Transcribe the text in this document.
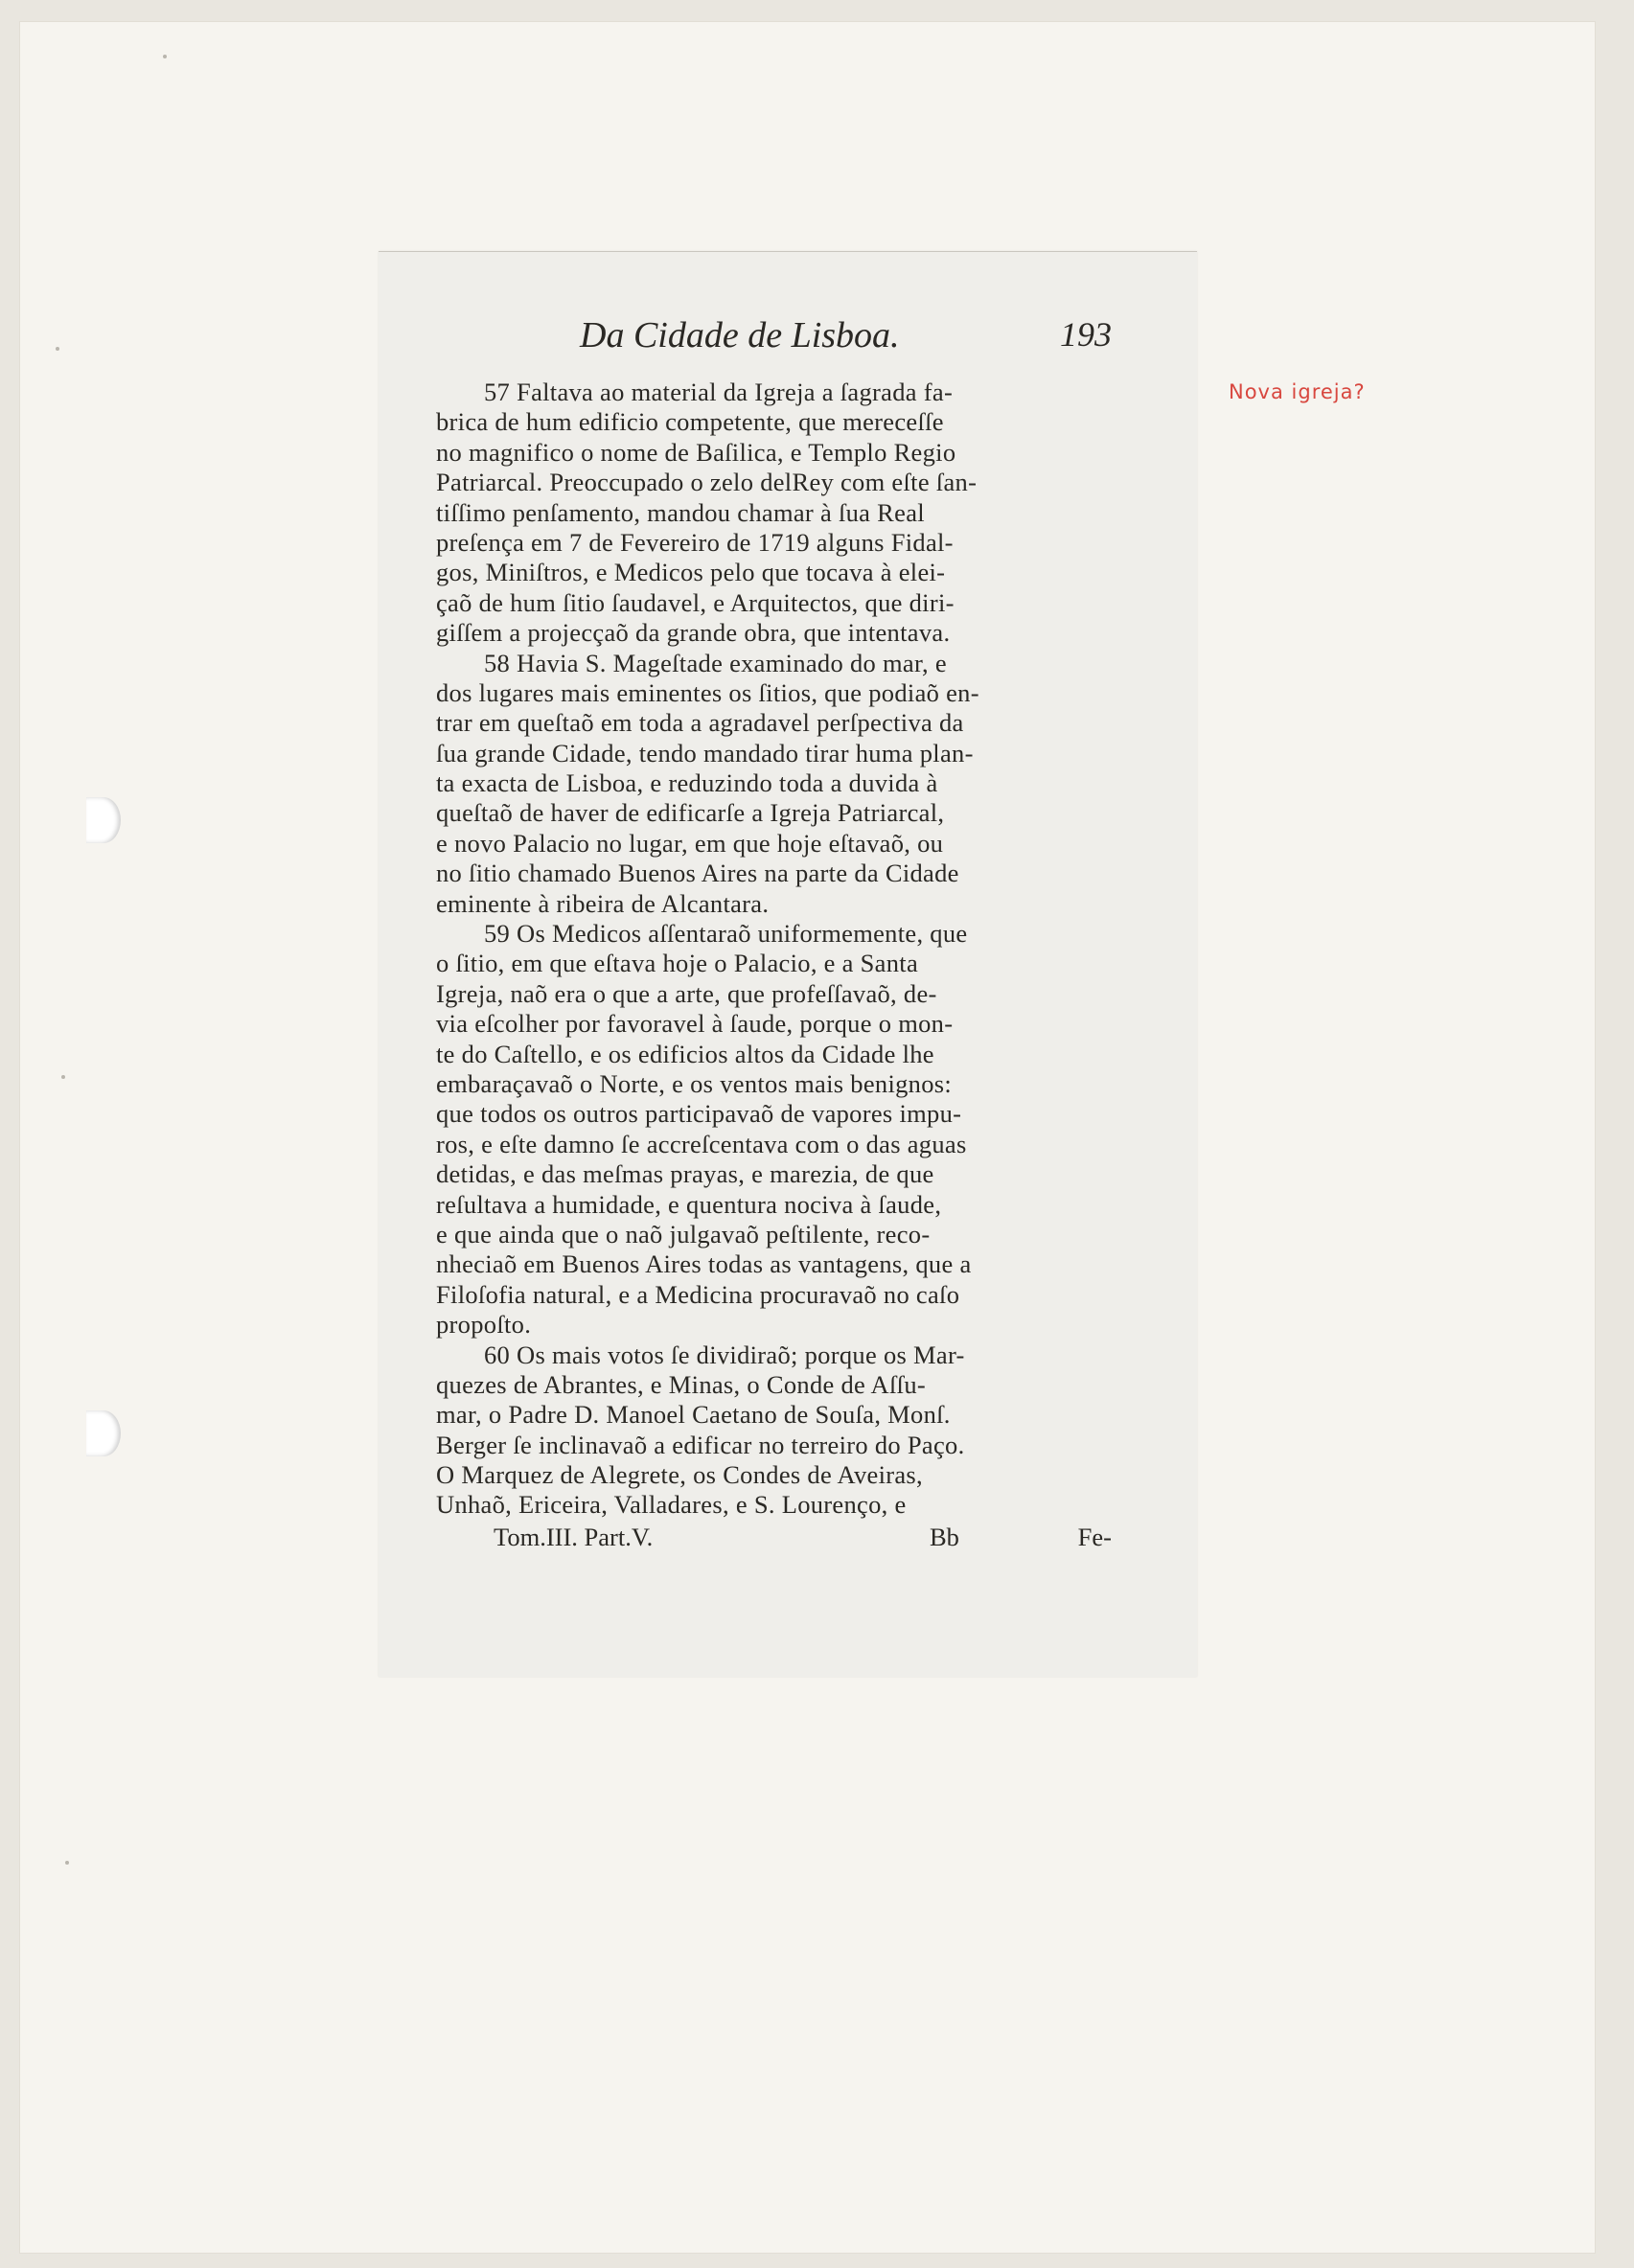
Da Cidade de Lisboa.	193
57 Faltava ao material da Igreja a ſagrada fa-
brica de hum edificio competente, que mereceſſe
no magnifico o nome de Baſilica, e Templo Regio
Patriarcal. Preoccupado o zelo delRey com eſte ſan-
tiſſimo penſamento, mandou chamar à ſua Real
preſença em 7 de Fevereiro de 1719 alguns Fidal-
gos, Miniſtros, e Medicos pelo que tocava à elei-
çaõ de hum ſitio ſaudavel, e Arquitectos, que diri-
giſſem a projecçaõ da grande obra, que intentava.
58 Havia S. Mageſtade examinado do mar, e
dos lugares mais eminentes os ſitios, que podiaõ en-
trar em queſtaõ em toda a agradavel perſpectiva da
ſua grande Cidade, tendo mandado tirar huma plan-
ta exacta de Lisboa, e reduzindo toda a duvida à
queſtaõ de haver de edificarſe a Igreja Patriarcal,
e novo Palacio no lugar, em que hoje eſtavaõ, ou
no ſitio chamado Buenos Aires na parte da Cidade
eminente à ribeira de Alcantara.
59 Os Medicos aſſentaraõ uniformemente, que
o ſitio, em que eſtava hoje o Palacio, e a Santa
Igreja, naõ era o que a arte, que profeſſavaõ, de-
via eſcolher por favoravel à ſaude, porque o mon-
te do Caſtello, e os edificios altos da Cidade lhe
embaraçavaõ o Norte, e os ventos mais benignos:
que todos os outros participavaõ de vapores impu-
ros, e eſte damno ſe accreſcentava com o das aguas
detidas, e das meſmas prayas, e marezia, de que
reſultava a humidade, e quentura nociva à ſaude,
e que ainda que o naõ julgavaõ peſtilente, reco-
nheciaõ em Buenos Aires todas as vantagens, que a
Filoſofia natural, e a Medicina procuravaõ no caſo
propoſto.
60 Os mais votos ſe dividiraõ; porque os Mar-
quezes de Abrantes, e Minas, o Conde de Aſſu-
mar, o Padre D. Manoel Caetano de Souſa, Monſ.
Berger ſe inclinavaõ a edificar no terreiro do Paço.
O Marquez de Alegrete, os Condes de Aveiras,
Unhaõ, Ericeira, Valladares, e S. Lourenço, e
Tom.III. Part.V.	Bb	Fe-
Nova igreja?
